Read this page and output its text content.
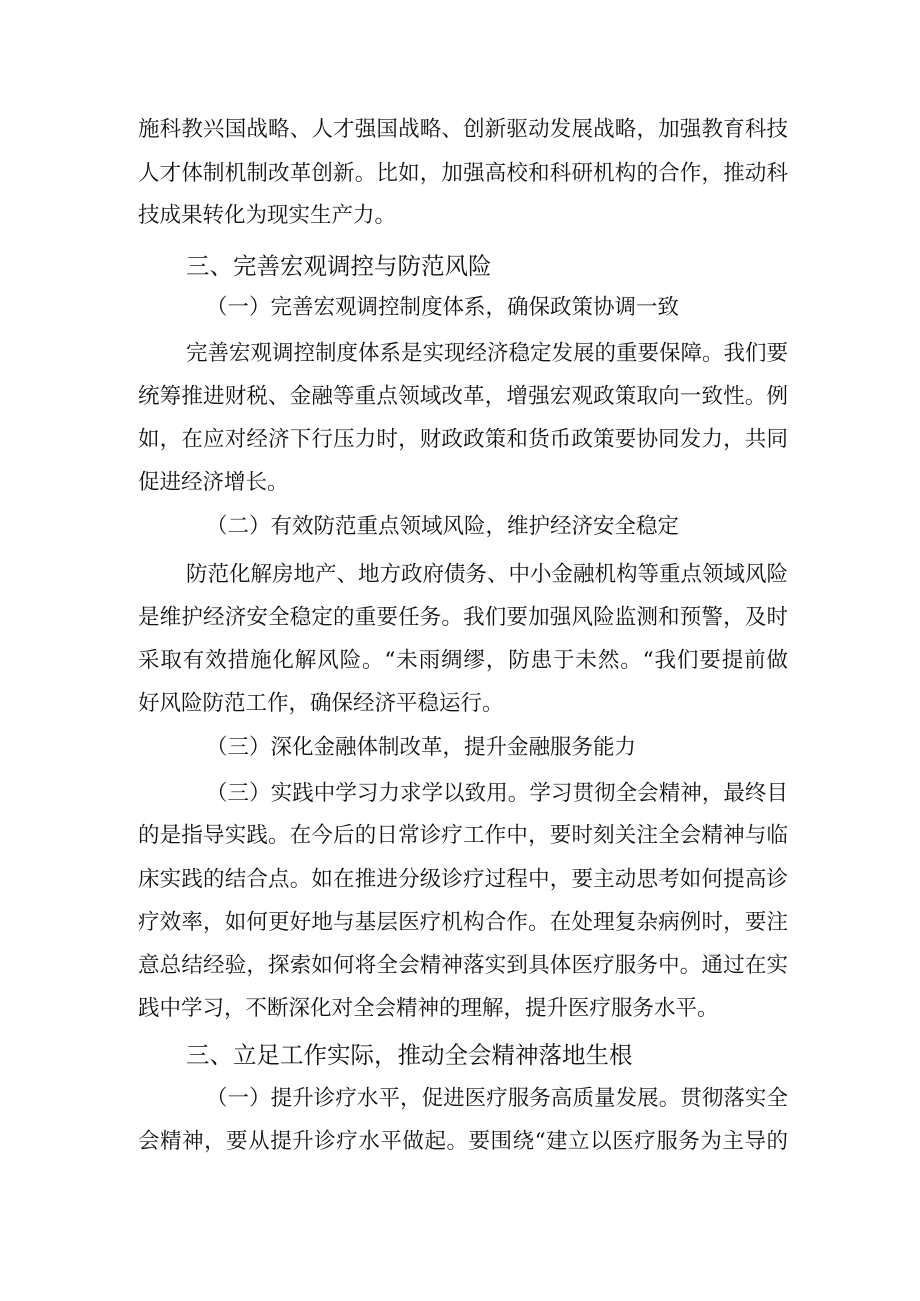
施科教兴国战略、人才强国战略、创新驱动发展战略，加强教育科技

人才体制机制改革创新。比如，加强高校和科研机构的合作，推动科

技成果转化为现实生产力。

三、完善宏观调控与防范风险

（一）完善宏观调控制度体系，确保政策协调一致

完善宏观调控制度体系是实现经济稳定发展的重要保障。我们要

统筹推进财税、金融等重点领域改革，增强宏观政策取向一致性。例

如，在应对经济下行压力时，财政政策和货币政策要协同发力，共同

促进经济增长。

（二）有效防范重点领域风险，维护经济安全稳定

防范化解房地产、地方政府债务、中小金融机构等重点领域风险

是维护经济安全稳定的重要任务。我们要加强风险监测和预警，及时

采取有效措施化解风险。“未雨绸缪，防患于未然。“我们要提前做

好风险防范工作，确保经济平稳运行。

（三）深化金融体制改革，提升金融服务能力

（三）实践中学习力求学以致用。学习贯彻全会精神，最终目

的是指导实践。在今后的日常诊疗工作中，要时刻关注全会精神与临

床实践的结合点。如在推进分级诊疗过程中，要主动思考如何提高诊

疗效率，如何更好地与基层医疗机构合作。在处理复杂病例时，要注

意总结经验，探索如何将全会精神落实到具体医疗服务中。通过在实

践中学习，不断深化对全会精神的理解，提升医疗服务水平。

三、立足工作实际，推动全会精神落地生根

（一）提升诊疗水平，促进医疗服务高质量发展。贯彻落实全

会精神，要从提升诊疗水平做起。要围绕“建立以医疗服务为主导的
